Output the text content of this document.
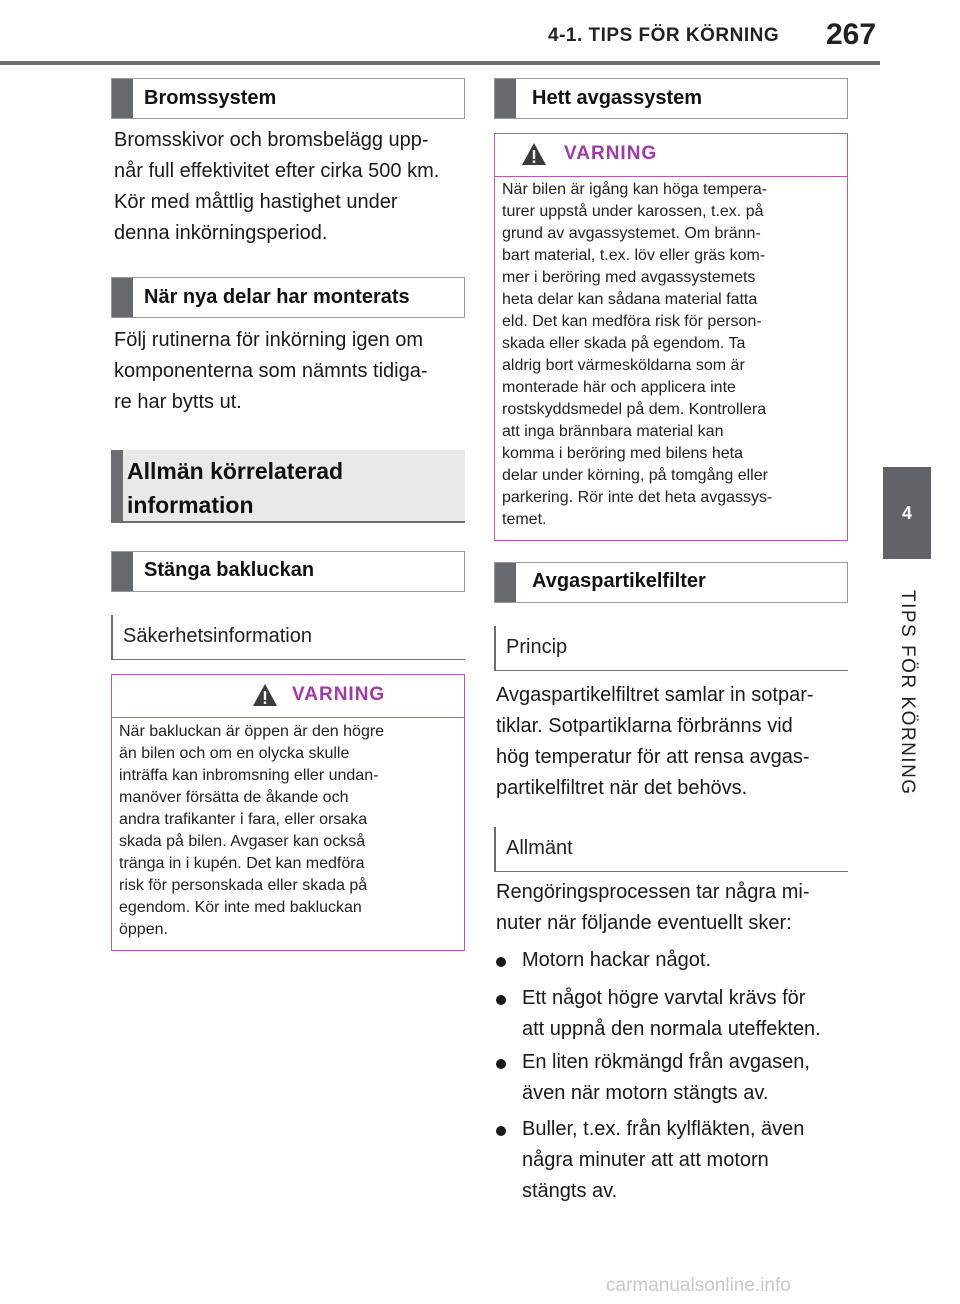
4-1. TIPS FÖR KÖRNING 267
4
TIPS FÖR KÖRNING
Bromssystem
Bromsskivor och bromsbelägg upp-
når full effektivitet efter cirka 500 km.
Kör med måttlig hastighet under
denna inkörningsperiod.
När nya delar har monterats
Följ rutinerna för inkörning igen om
komponenterna som nämnts tidiga-
re har bytts ut.
Allmän körrelaterad
information
Stänga bakluckan
Säkerhetsinformation
VARNING
När bakluckan är öppen är den högre
än bilen och om en olycka skulle
inträffa kan inbromsning eller undan-
manöver försätta de åkande och
andra trafikanter i fara, eller orsaka
skada på bilen. Avgaser kan också
tränga in i kupén. Det kan medföra
risk för personskada eller skada på
egendom. Kör inte med bakluckan
öppen.
Hett avgassystem
VARNING
När bilen är igång kan höga tempera-
turer uppstå under karossen, t.ex. på
grund av avgassystemet. Om bränn-
bart material, t.ex. löv eller gräs kom-
mer i beröring med avgassystemets
heta delar kan sådana material fatta
eld. Det kan medföra risk för person-
skada eller skada på egendom. Ta
aldrig bort värmesköldarna som är
monterade här och applicera inte
rostskyddsmedel på dem. Kontrollera
att inga brännbara material kan
komma i beröring med bilens heta
delar under körning, på tomgång eller
parkering. Rör inte det heta avgassys-
temet.
Avgaspartikelfilter
Princip
Avgaspartikelfiltret samlar in sotpar-
tiklar. Sotpartiklarna förbränns vid
hög temperatur för att rensa avgas-
partikelfiltret när det behövs.
Allmänt
Rengöringsprocessen tar några mi-
nuter när följande eventuellt sker:
Motorn hackar något.
Ett något högre varvtal krävs för
att uppnå den normala uteffekten.
En liten rökmängd från avgasen,
även när motorn stängts av.
Buller, t.ex. från kylfläkten, även
några minuter att att motorn
stängts av.
carmanualsonline.info
